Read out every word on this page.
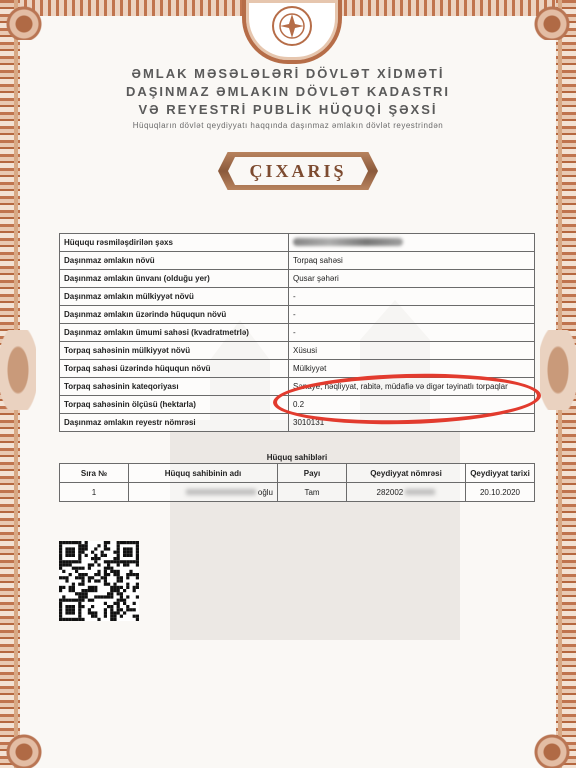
ƏMLAK MƏSƏLƏLƏRİ DÖVLƏT XİDMƏTİ
DAŞINMAZ ƏMLAKIN DÖVLƏT KADASTRI
VƏ REYESTRİ PUBLİK HÜQUQİ ŞƏXSİ
Hüquqların dövlət qeydiyyatı haqqında daşınmaz əmlakın dövlət reyestrindən
ÇIXARIŞ
Hüququ rəsmiləşdirilən şəxs	
Daşınmaz əmlakın növü	Torpaq sahəsi
Daşınmaz əmlakın ünvanı (olduğu yer)	Qusar şəhəri
Daşınmaz əmlakın mülkiyyət növü	-
Daşınmaz əmlakın üzərində hüququn növü	-
Daşınmaz əmlakın ümumi sahəsi (kvadratmetrlə)	-
Torpaq sahəsinin mülkiyyət növü	Xüsusi
Torpaq sahəsi üzərində hüququn növü	Mülkiyyət
Torpaq sahəsinin kateqoriyası	Sənaye, nəqliyyat, rabitə, müdafiə və digər təyinatlı torpaqlar
Torpaq sahəsinin ölçüsü (hektarla)	0.2
Daşınmaz əmlakın reyestr nömrəsi	3010131
Hüquq sahibləri
Sıra №	Hüquq sahibinin adı	Payı	Qeydiyyat nömrəsi	Qeydiyyat tarixi
1	oğlu	Tam	282002	20.10.2020
